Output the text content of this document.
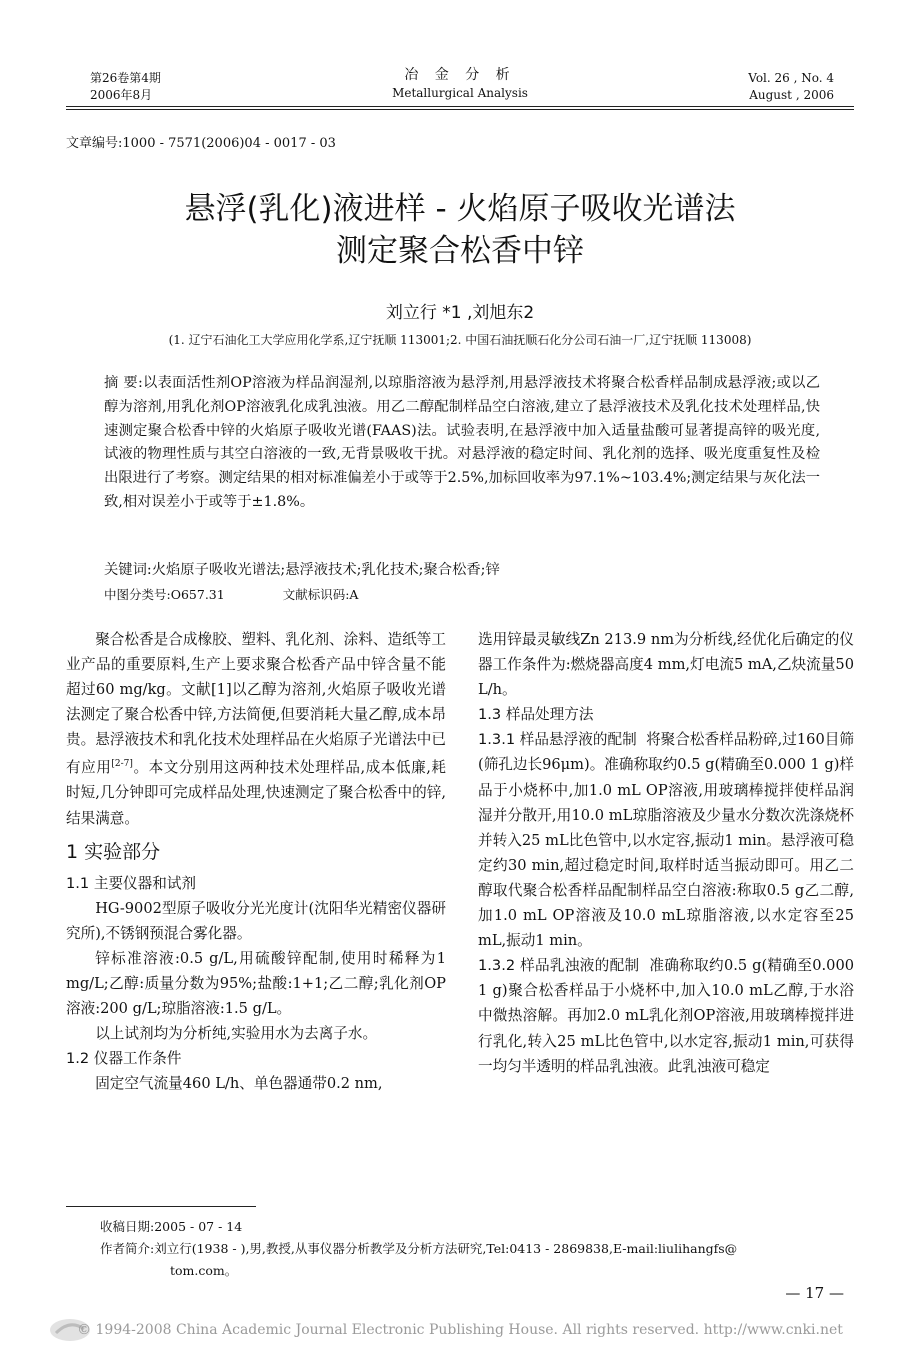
第26卷第4期
2006年8月
冶 金 分 析
Metallurgical Analysis
Vol. 26 , No. 4
August , 2006
文章编号:1000 - 7571(2006)04 - 0017 - 03
悬浮(乳化)液进样 - 火焰原子吸收光谱法
测定聚合松香中锌
刘立行 *1 ,刘旭东2
(1. 辽宁石油化工大学应用化学系,辽宁抚顺 113001;2. 中国石油抚顺石化分公司石油一厂,辽宁抚顺 113008)

摘 要:以表面活性剂OP溶液为样品润湿剂,以琼脂溶液为悬浮剂,用悬浮液技术将聚合松香样品制成悬浮液;或以乙醇为溶剂,用乳化剂OP溶液乳化成乳浊液。用乙二醇配制样品空白溶液,建立了悬浮液技术及乳化技术处理样品,快速测定聚合松香中锌的火焰原子吸收光谱(FAAS)法。试验表明,在悬浮液中加入适量盐酸可显著提高锌的吸光度,试液的物理性质与其空白溶液的一致,无背景吸收干扰。对悬浮液的稳定时间、乳化剂的选择、吸光度重复性及检出限进行了考察。测定结果的相对标准偏差小于或等于2.5%,加标回收率为97.1%~103.4%;测定结果与灰化法一致,相对误差小于或等于±1.8%。

关键词:火焰原子吸收光谱法;悬浮液技术;乳化技术;聚合松香;锌
中图分类号:O657.31	文献标识码:A

聚合松香是合成橡胶、塑料、乳化剂、涂料、造纸等工业产品的重要原料,生产上要求聚合松香产品中锌含量不能超过60 mg/kg。文献[1]以乙醇为溶剂,火焰原子吸收光谱法测定了聚合松香中锌,方法简便,但要消耗大量乙醇,成本昂贵。悬浮液技术和乳化技术处理样品在火焰原子光谱法中已有应用[2-7]。本文分别用这两种技术处理样品,成本低廉,耗时短,几分钟即可完成样品处理,快速测定了聚合松香中的锌,结果满意。

1 实验部分

1.1 主要仪器和试剂

HG-9002型原子吸收分光光度计(沈阳华光精密仪器研究所),不锈钢预混合雾化器。

锌标准溶液:0.5 g/L,用硫酸锌配制,使用时稀释为1 mg/L;乙醇:质量分数为95%;盐酸:1+1;乙二醇;乳化剂OP溶液:200 g/L;琼脂溶液:1.5 g/L。

以上试剂均为分析纯,实验用水为去离子水。

1.2 仪器工作条件

固定空气流量460 L/h、单色器通带0.2 nm,

选用锌最灵敏线Zn 213.9 nm为分析线,经优化后确定的仪器工作条件为:燃烧器高度4 mm,灯电流5 mA,乙炔流量50 L/h。

1.3 样品处理方法

1.3.1 样品悬浮液的配制 将聚合松香样品粉碎,过160目筛(筛孔边长96μm)。准确称取约0.5 g(精确至0.000 1 g)样品于小烧杯中,加1.0 mL OP溶液,用玻璃棒搅拌使样品润湿并分散开,用10.0 mL琼脂溶液及少量水分数次洗涤烧杯并转入25 mL比色管中,以水定容,振动1 min。悬浮液可稳定约30 min,超过稳定时间,取样时适当振动即可。用乙二醇取代聚合松香样品配制样品空白溶液:称取0.5 g乙二醇,加1.0 mL OP溶液及10.0 mL琼脂溶液,以水定容至25 mL,振动1 min。

1.3.2 样品乳浊液的配制 准确称取约0.5 g(精确至0.000 1 g)聚合松香样品于小烧杯中,加入10.0 mL乙醇,于水浴中微热溶解。再加2.0 mL乳化剂OP溶液,用玻璃棒搅拌进行乳化,转入25 mL比色管中,以水定容,振动1 min,可获得一均匀半透明的样品乳浊液。此乳浊液可稳定

收稿日期:2005 - 07 - 14

作者简介:刘立行(1938 - ),男,教授,从事仪器分析教学及分析方法研究,Tel:0413 - 2869838,E-mail:liulihangfs@

tom.com。

— 17 —
© 1994-2008 China Academic Journal Electronic Publishing House. All rights reserved. http://www.cnki.net
